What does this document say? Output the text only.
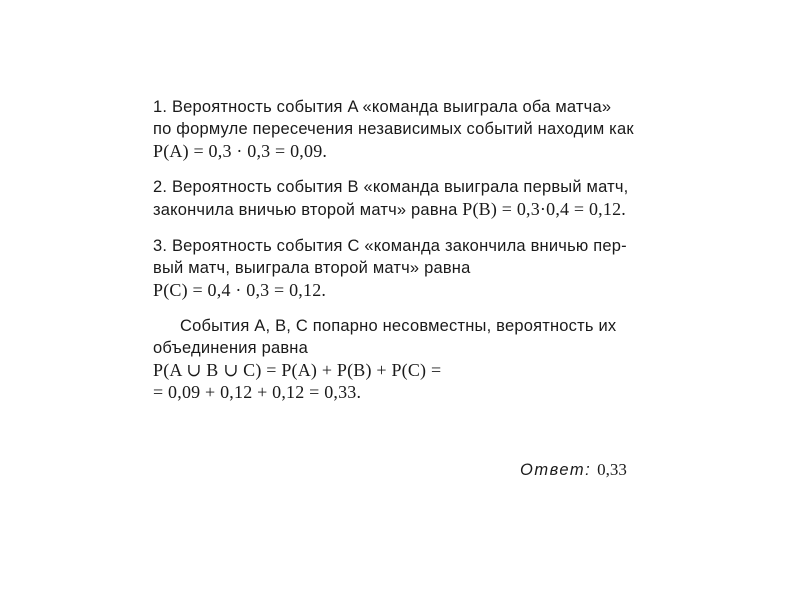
1. Вероятность события A «команда выиграла оба матча»
по формуле пересечения независимых событий находим как
P(A) = 0,3 · 0,3 = 0,09.
2. Вероятность события B «команда выиграла первый матч,
закончила вничью второй матч» равна P(B) = 0,3·0,4 = 0,12.
3. Вероятность события C «команда закончила вничью пер-
вый матч, выиграла второй матч» равна
P(C) = 0,4 · 0,3 = 0,12.
События A, B, C попарно несовместны, вероятность их
объединения равна
P(A ∪ B ∪ C) = P(A) + P(B) + P(C) =
= 0,09 + 0,12 + 0,12 = 0,33.
Ответ: 0,33
